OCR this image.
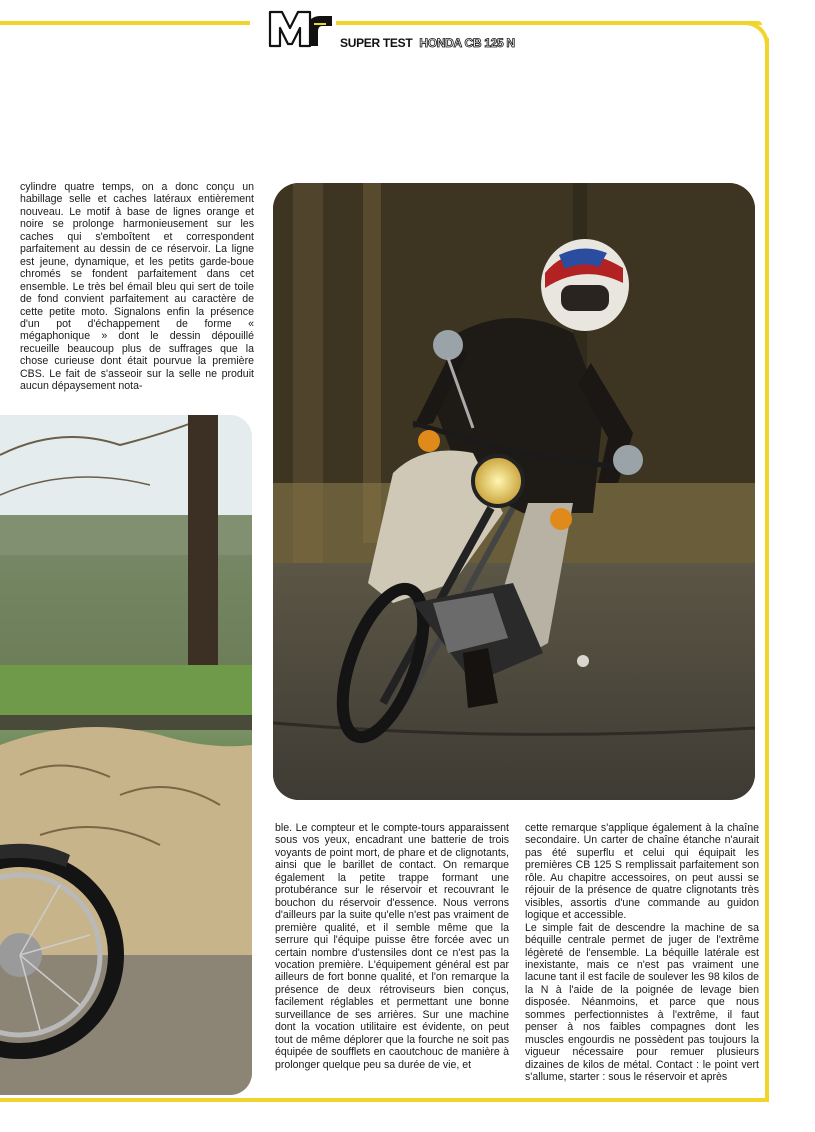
SUPER TEST HONDA CB 125 N

cylindre quatre temps, on a donc conçu un habillage selle et caches latéraux entièrement nouveau. Le motif à base de lignes orange et noire se prolonge harmonieusement sur les caches qui s'emboîtent et correspondent parfaitement au dessin de ce réservoir. La ligne est jeune, dynamique, et les petits garde-boue chromés se fondent parfaitement dans cet ensemble. Le très bel émail bleu qui sert de toile de fond convient parfaitement au caractère de cette petite moto. Signalons enfin la présence d'un pot d'échappement de forme « mégaphonique » dont le dessin dépouillé recueille beaucoup plus de suffrages que la chose curieuse dont était pourvue la première CBS. Le fait de s'asseoir sur la selle ne produit aucun dépaysement nota-

ble. Le compteur et le compte-tours apparaissent sous vos yeux, encadrant une batterie de trois voyants de point mort, de phare et de clignotants, ainsi que le barillet de contact. On remarque également la petite trappe formant une protubérance sur le réservoir et recouvrant le bouchon du réservoir d'essence. Nous verrons d'ailleurs par la suite qu'elle n'est pas vraiment de première qualité, et il semble même que la serrure qui l'équipe puisse être forcée avec un certain nombre d'ustensiles dont ce n'est pas la vocation première. L'équipement général est par ailleurs de fort bonne qualité, et l'on remarque la présence de deux rétroviseurs bien conçus, facilement réglables et permettant une bonne surveillance de ses arrières. Sur une machine dont la vocation utilitaire est évidente, on peut tout de même déplorer que la fourche ne soit pas équipée de soufflets en caoutchouc de manière à prolonger quelque peu sa durée de vie, et

cette remarque s'applique également à la chaîne secondaire. Un carter de chaîne étanche n'aurait pas été superflu et celui qui équipait les premières CB 125 S remplissait parfaitement son rôle. Au chapitre accessoires, on peut aussi se réjouir de la présence de quatre clignotants très visibles, assortis d'une commande au guidon logique et accessible.

Le simple fait de descendre la machine de sa béquille centrale permet de juger de l'extrême légèreté de l'ensemble. La béquille latérale est inexistante, mais ce n'est pas vraiment une lacune tant il est facile de soulever les 98 kilos de la N à l'aide de la poignée de levage bien disposée. Néanmoins, et parce que nous sommes perfectionnistes à l'extrême, il faut penser à nos faibles compagnes dont les muscles engourdis ne possèdent pas toujours la vigueur nécessaire pour remuer plusieurs dizaines de kilos de métal. Contact : le point vert s'allume, starter : sous le réservoir et après
